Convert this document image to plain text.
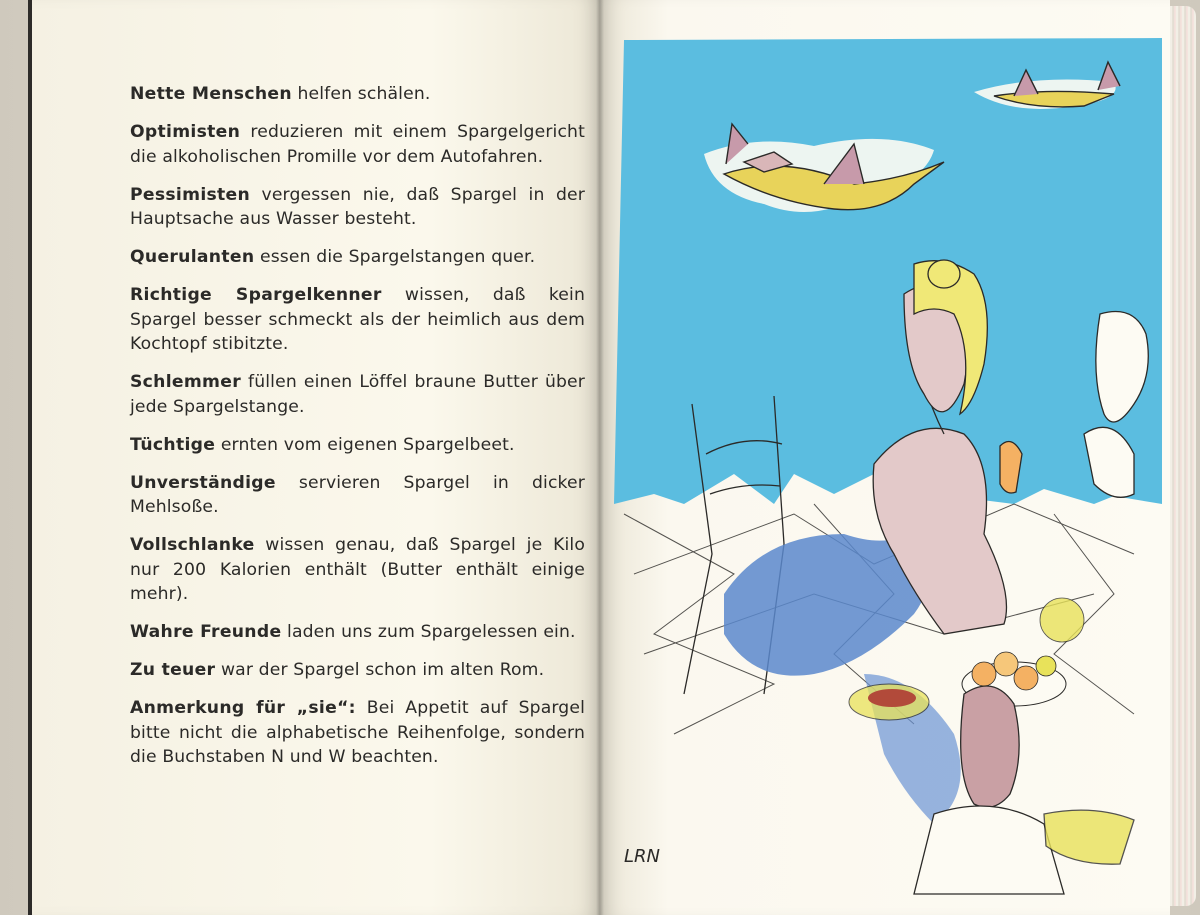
Nette Menschen helfen schälen.

Optimisten reduzieren mit einem Spargelgericht die alkoholischen Promille vor dem Autofahren.

Pessimisten vergessen nie, daß Spargel in der Hauptsache aus Wasser besteht.

Querulanten essen die Spargelstangen quer.

Richtige Spargelkenner wissen, daß kein Spargel besser schmeckt als der heimlich aus dem Kochtopf stibitzte.

Schlemmer füllen einen Löffel braune Butter über jede Spargelstange.

Tüchtige ernten vom eigenen Spargelbeet.

Unverständige servieren Spargel in dicker Mehlsoße.

Vollschlanke wissen genau, daß Spargel je Kilo nur 200 Kalorien enthält (Butter enthält einige mehr).

Wahre Freunde laden uns zum Spargelessen ein.

Zu teuer war der Spargel schon im alten Rom.

Anmerkung für „sie“: Bei Appetit auf Spargel bitte nicht die alphabetische Reihenfolge, sondern die Buchstaben N und W beachten.

LRN
